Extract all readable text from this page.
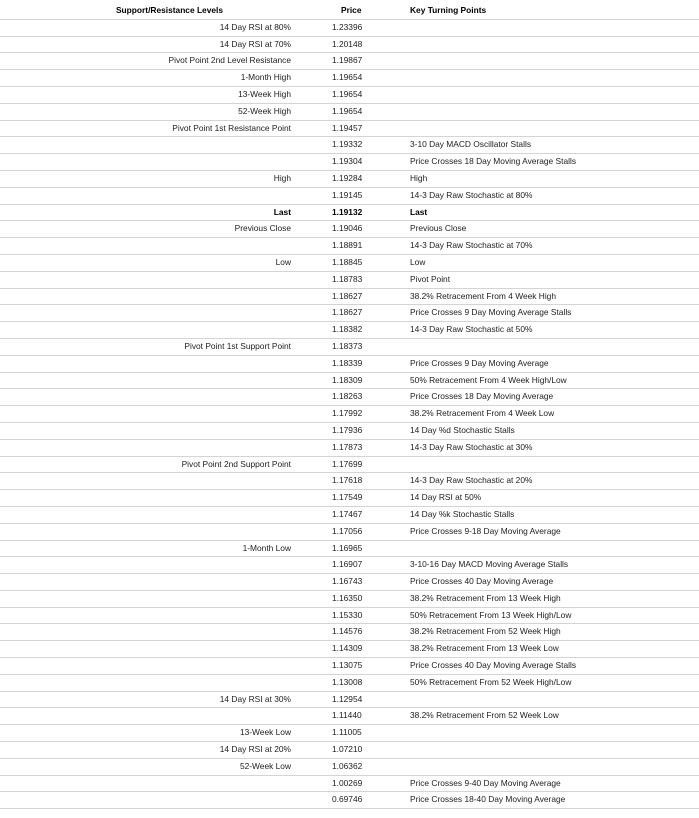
Support/Resistance Levels	Price	Key Turning Points
14 Day RSI at 80%	1.23396	
14 Day RSI at 70%	1.20148	
Pivot Point 2nd Level Resistance	1.19867	
1-Month High	1.19654	
13-Week High	1.19654	
52-Week High	1.19654	
Pivot Point 1st Resistance Point	1.19457	
	1.19332	3-10 Day MACD Oscillator Stalls
	1.19304	Price Crosses 18 Day Moving Average Stalls
High	1.19284	High
	1.19145	14-3 Day Raw Stochastic at 80%
Last	1.19132	Last
Previous Close	1.19046	Previous Close
	1.18891	14-3 Day Raw Stochastic at 70%
Low	1.18845	Low
	1.18783	Pivot Point
	1.18627	38.2% Retracement From 4 Week High
	1.18627	Price Crosses 9 Day Moving Average Stalls
	1.18382	14-3 Day Raw Stochastic at 50%
Pivot Point 1st Support Point	1.18373	
	1.18339	Price Crosses 9 Day Moving Average
	1.18309	50% Retracement From 4 Week High/Low
	1.18263	Price Crosses 18 Day Moving Average
	1.17992	38.2% Retracement From 4 Week Low
	1.17936	14 Day %d Stochastic Stalls
	1.17873	14-3 Day Raw Stochastic at 30%
Pivot Point 2nd Support Point	1.17699	
	1.17618	14-3 Day Raw Stochastic at 20%
	1.17549	14 Day RSI at 50%
	1.17467	14 Day %k Stochastic Stalls
	1.17056	Price Crosses 9-18 Day Moving Average
1-Month Low	1.16965	
	1.16907	3-10-16 Day MACD Moving Average Stalls
	1.16743	Price Crosses 40 Day Moving Average
	1.16350	38.2% Retracement From 13 Week High
	1.15330	50% Retracement From 13 Week High/Low
	1.14576	38.2% Retracement From 52 Week High
	1.14309	38.2% Retracement From 13 Week Low
	1.13075	Price Crosses 40 Day Moving Average Stalls
	1.13008	50% Retracement From 52 Week High/Low
14 Day RSI at 30%	1.12954	
	1.11440	38.2% Retracement From 52 Week Low
13-Week Low	1.11005	
14 Day RSI at 20%	1.07210	
52-Week Low	1.06362	
	1.00269	Price Crosses 9-40 Day Moving Average
	0.69746	Price Crosses 18-40 Day Moving Average
